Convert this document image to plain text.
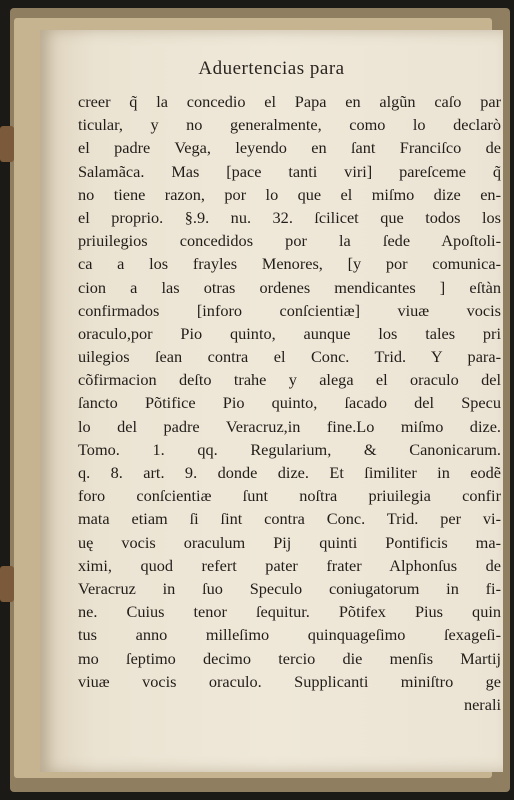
Aduertencias para
creer q̃ la concedio el Papa en algũn caſo par
ticular, y no generalmente, como lo declarò
el padre Vega, leyendo en ſant Franciſco de
Salamãca. Mas [pace tanti viri] pareſceme q̃
no tiene razon, por lo que el miſmo dize en-
el proprio. §.9. nu. 32. ſcilicet que todos los
priuilegios concedidos por la ſede Apoſtoli-
ca a los frayles Menores, [y por comunica-
cion a las otras ordenes mendicantes ] eſtàn
confirmados [inforo conſcientiæ] viuæ vocis
oraculo,por Pio quinto, aunque los tales pri
uilegios ſean contra el Conc. Trid. Y para-
cõfirmacion deſto trahe y alega el oraculo del
ſancto Põtifice Pio quinto, ſacado del Specu
lo del padre Veracruz,in fine.Lo miſmo dize.
Tomo. 1. qq. Regularium, & Canonicarum.
q. 8. art. 9. donde dize. Et ſimiliter in eodẽ
foro conſcientiæ ſunt noſtra priuilegia confir
mata etiam ſi ſint contra Conc. Trid. per vi-
uę vocis oraculum Pij quinti Pontificis ma-
ximi, quod refert pater frater Alphonſus de
Veracruz in ſuo Speculo coniugatorum in fi-
ne. Cuius tenor ſequitur. Põtifex Pius quin
tus anno milleſimo quinquageſimo ſexageſi-
mo ſeptimo decimo tercio die menſis Martij
viuæ vocis oraculo. Supplicanti miniſtro ge
nerali
